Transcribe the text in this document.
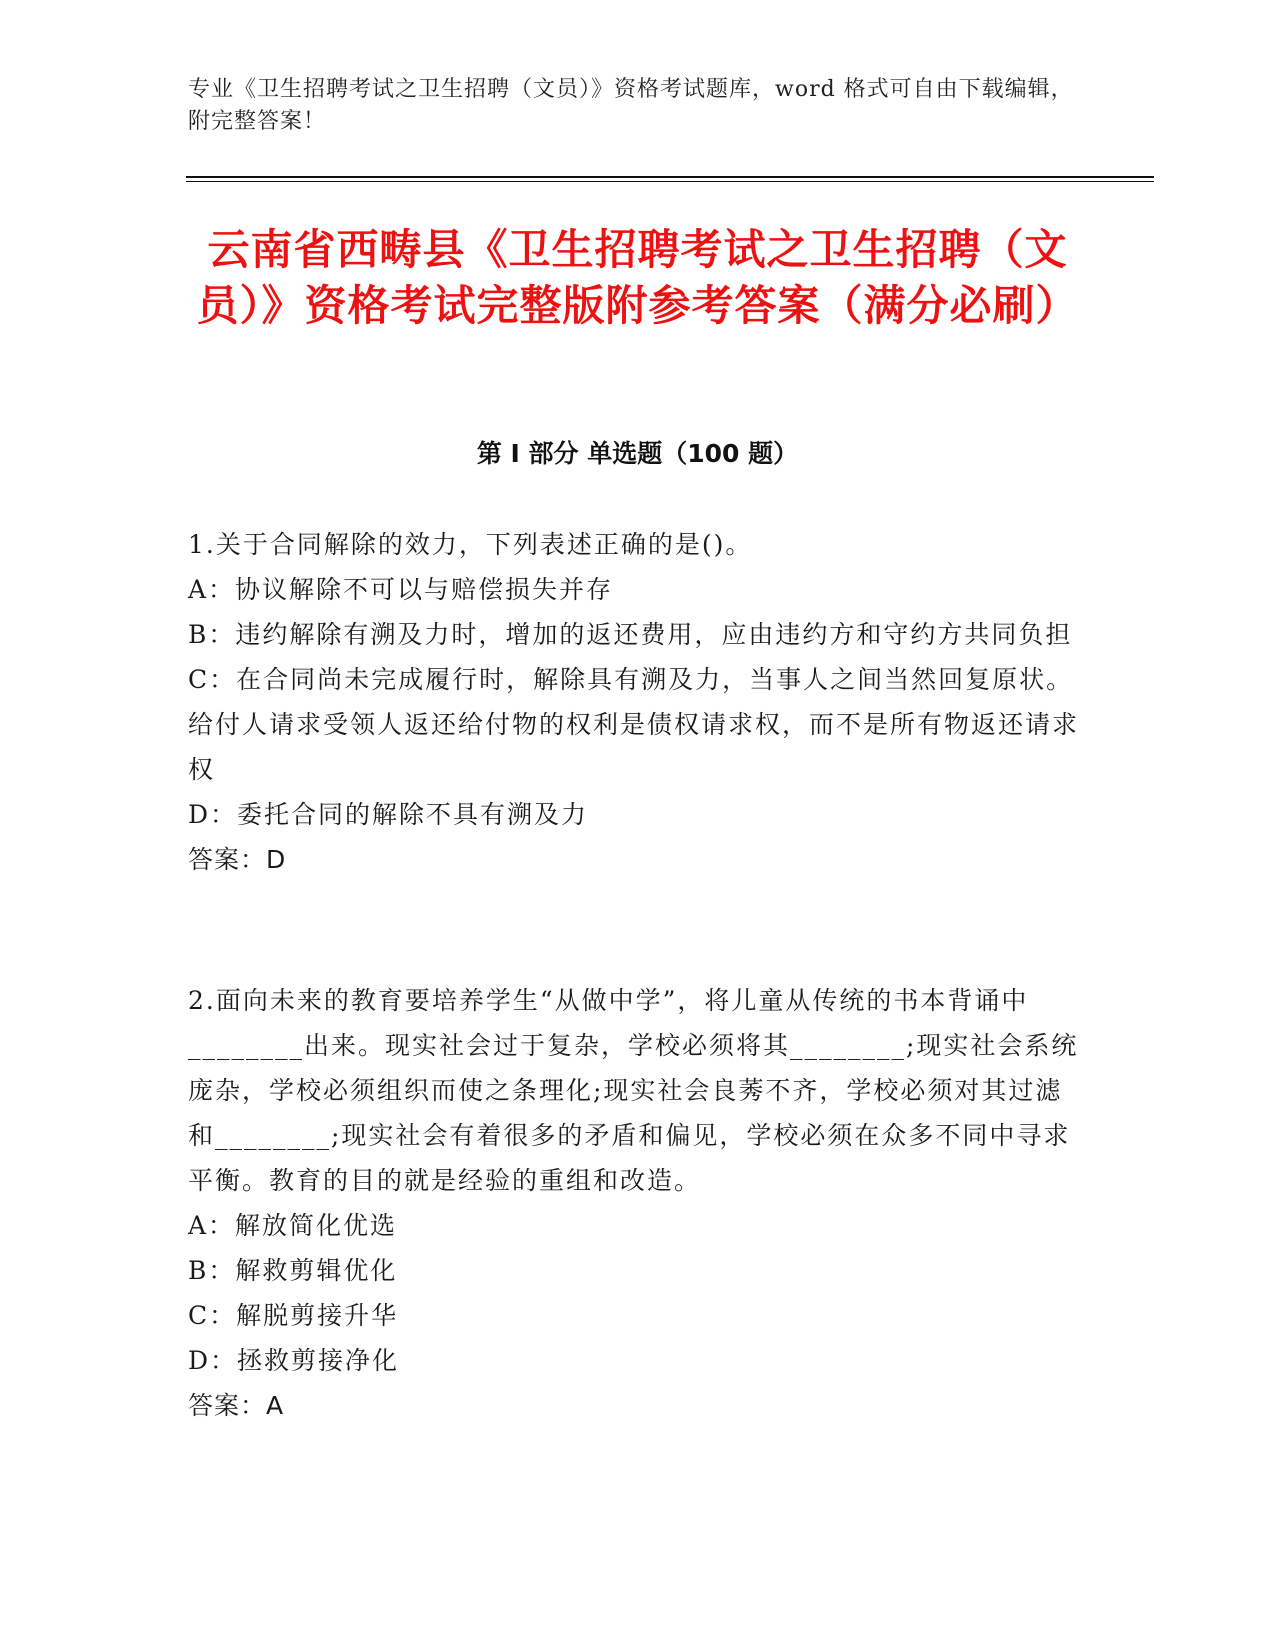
专业《卫生招聘考试之卫生招聘（文员）》资格考试题库，word 格式可自由下载编辑，附完整答案！

云南省西畴县《卫生招聘考试之卫生招聘（文员）》资格考试完整版附参考答案（满分必刷）
第 I 部分 单选题（100 题）

1.关于合同解除的效力，下列表述正确的是()。

A：协议解除不可以与赔偿损失并存

B：违约解除有溯及力时，增加的返还费用，应由违约方和守约方共同负担

C：在合同尚未完成履行时，解除具有溯及力，当事人之间当然回复原状。给付人请求受领人返还给付物的权利是债权请求权，而不是所有物返还请求权

D：委托合同的解除不具有溯及力

答案：D

2.面向未来的教育要培养学生“从做中学”，将儿童从传统的书本背诵中________出来。现实社会过于复杂，学校必须将其________;现实社会系统庞杂，学校必须组织而使之条理化;现实社会良莠不齐，学校必须对其过滤和________;现实社会有着很多的矛盾和偏见，学校必须在众多不同中寻求平衡。教育的目的就是经验的重组和改造。

A：解放简化优选

B：解救剪辑优化

C：解脱剪接升华

D：拯救剪接净化

答案：A
